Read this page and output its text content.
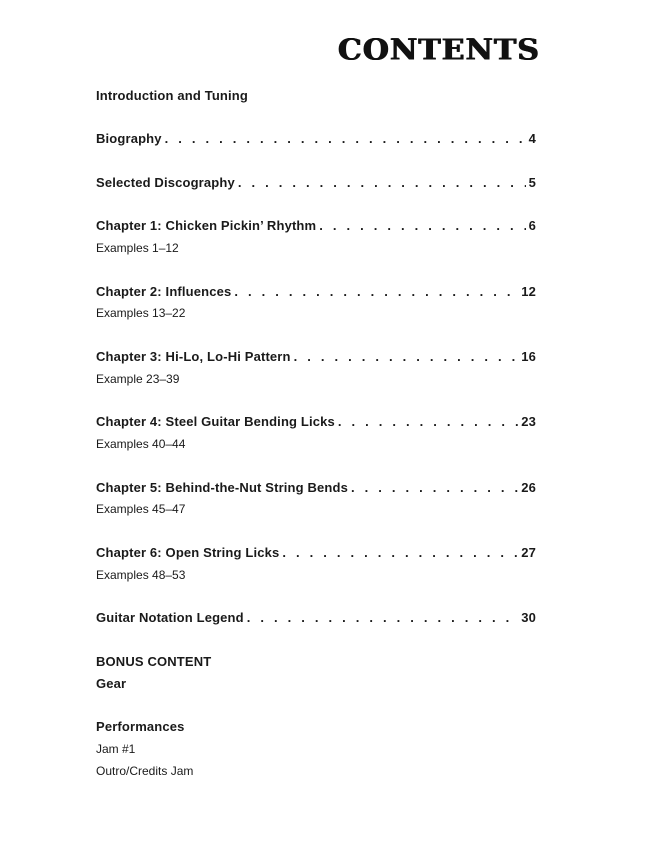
CONTENTS
Introduction and Tuning
Biography . . .	4
Selected Discography . . .	5
Chapter 1: Chicken Pickin’ Rhythm . . .	6
Examples 1–12
Chapter 2: Influences . . .	12
Examples 13–22
Chapter 3: Hi-Lo, Lo-Hi Pattern . . .	16
Example 23–39
Chapter 4: Steel Guitar Bending Licks . . .	23
Examples 40–44
Chapter 5: Behind-the-Nut String Bends . . .	26
Examples 45–47
Chapter 6: Open String Licks . . .	27
Examples 48–53
Guitar Notation Legend . . .	30
BONUS CONTENT
Gear
Performances
Jam #1
Outro/Credits Jam
